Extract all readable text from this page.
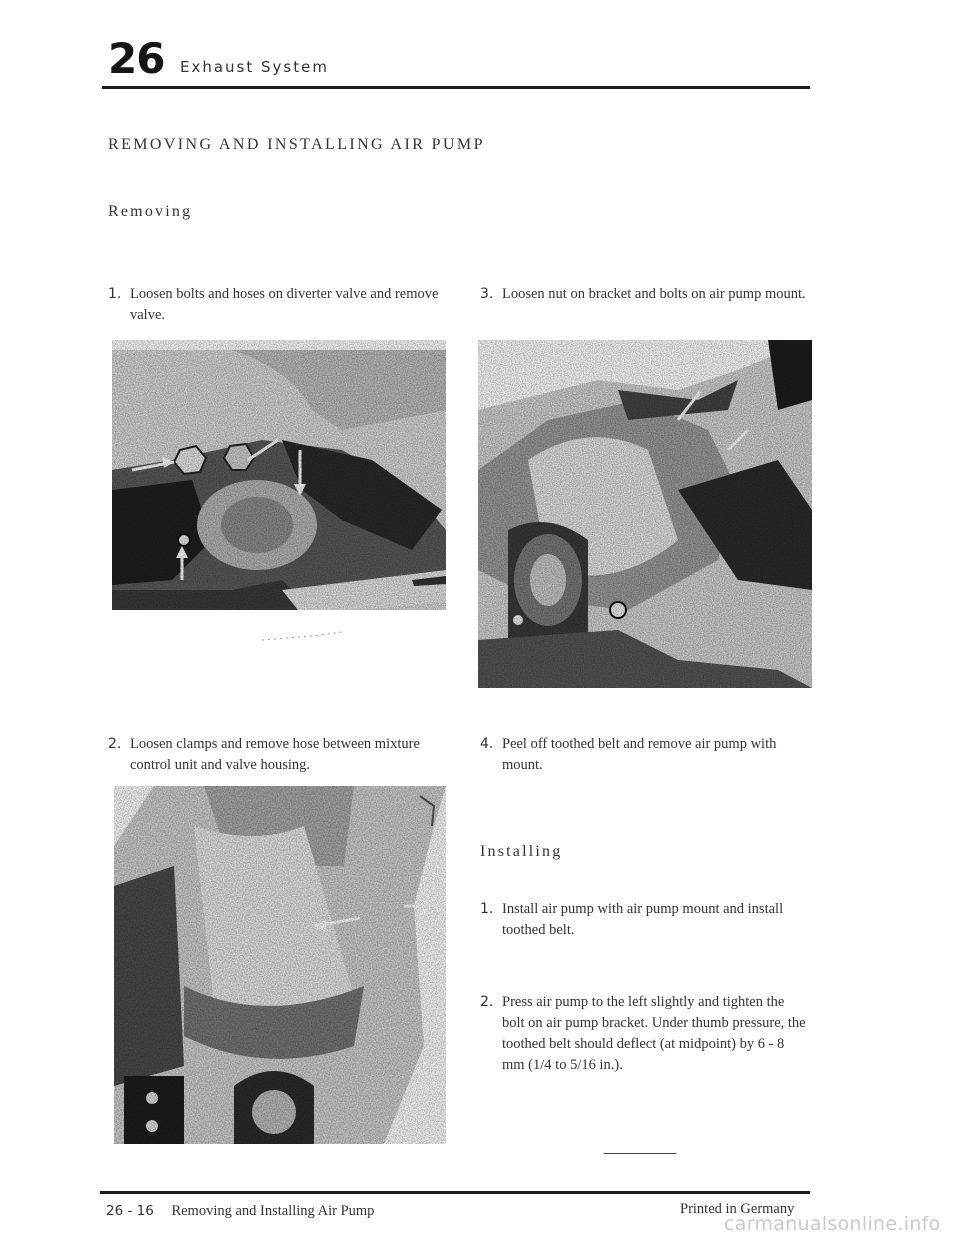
26 Exhaust System
REMOVING AND INSTALLING AIR PUMP
Removing
1. Loosen bolts and hoses on diverter valve and remove valve.
2. Loosen clamps and remove hose between mixture control unit and valve housing.
3. Loosen nut on bracket and bolts on air pump mount.
4. Peel off toothed belt and remove air pump with mount.
Installing
1. Install air pump with air pump mount and install toothed belt.
2. Press air pump to the left slightly and tighten the bolt on air pump bracket. Under thumb pressure, the toothed belt should deflect (at midpoint) by 6 - 8 mm (1/4 to 5/16 in.).
26 - 16 Removing and Installing Air Pump	Printed in Germany
carmanualsonline.info
